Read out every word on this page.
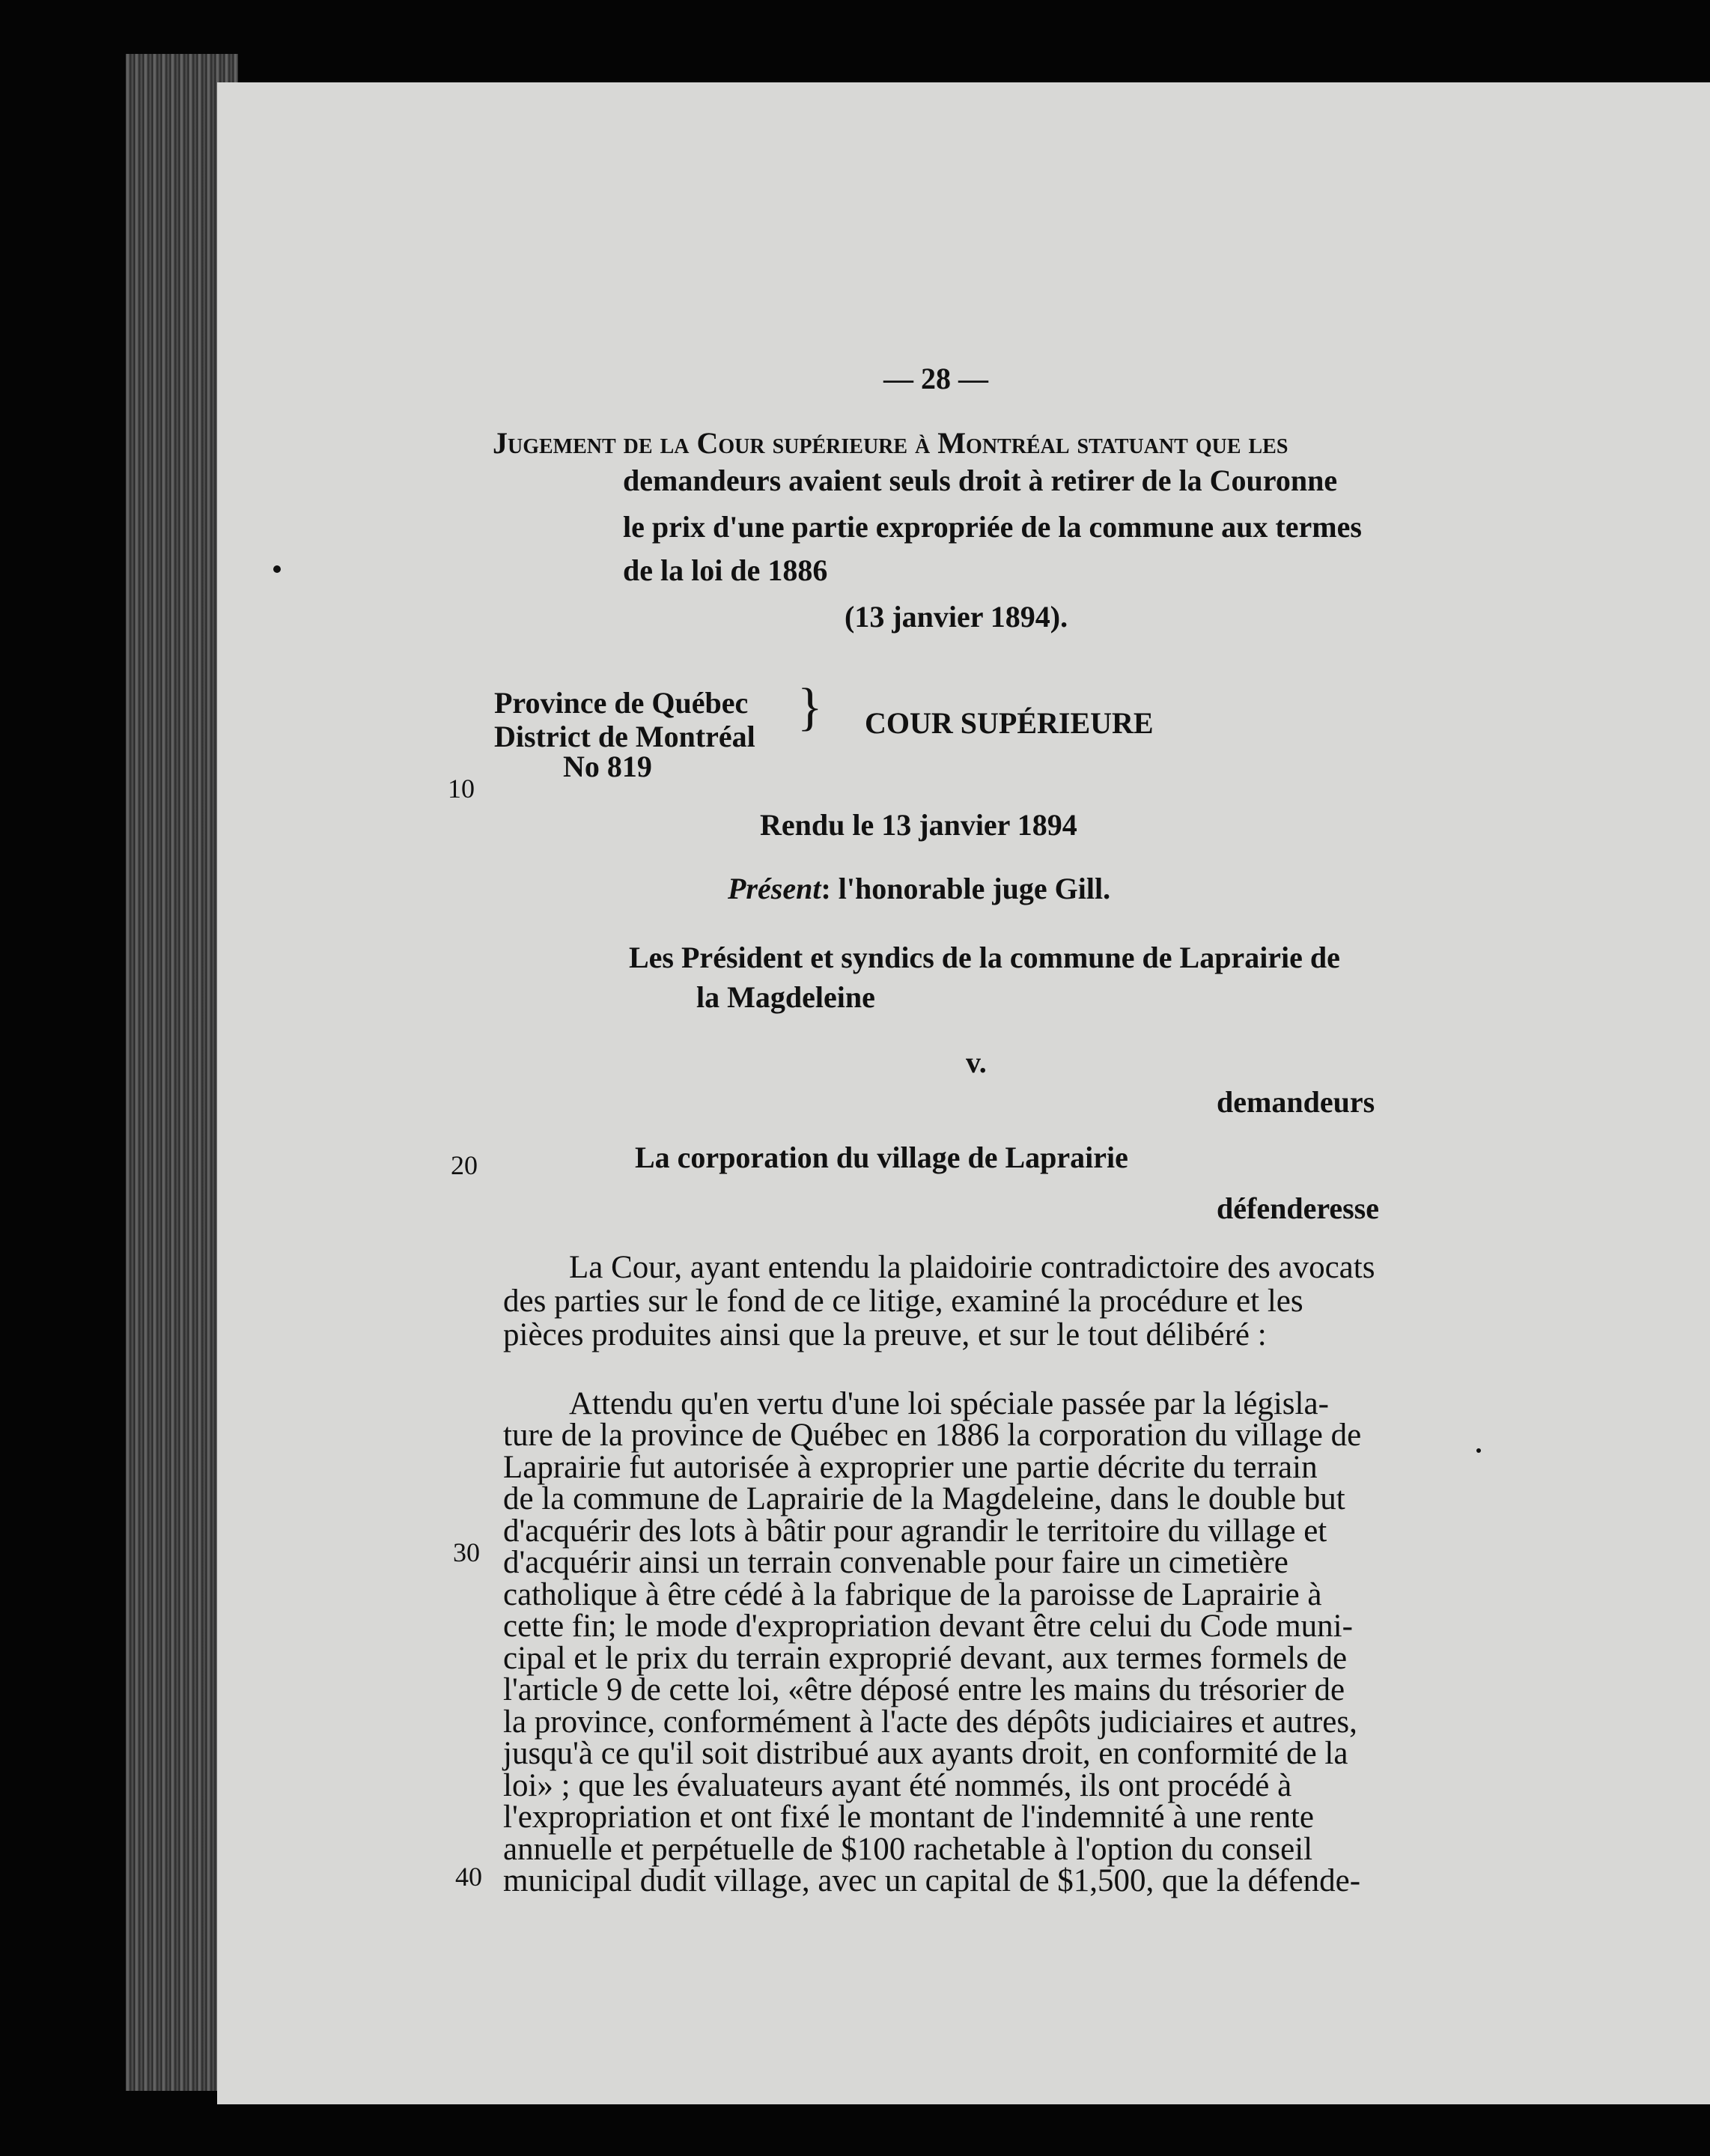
— 28 —
Jugement de la Cour supérieure à Montréal statuant que les
demandeurs avaient seuls droit à retirer de la Couronne
le prix d'une partie expropriée de la commune aux termes
de la loi de 1886
(13 janvier 1894).
Province de Québec
District de Montréal
No 819
} COUR SUPÉRIEURE
10
Rendu le 13 janvier 1894
Présent: l'honorable juge Gill.
Les Président et syndics de la commune de Laprairie de
la Magdeleine
v.
demandeurs
20	La corporation du village de Laprairie
défenderesse
La Cour, ayant entendu la plaidoirie contradictoire des avocats
des parties sur le fond de ce litige, examiné la procédure et les
pièces produites ainsi que la preuve, et sur le tout délibéré :
Attendu qu'en vertu d'une loi spéciale passée par la législa-
ture de la province de Québec en 1886 la corporation du village de
Laprairie fut autorisée à exproprier une partie décrite du terrain
de la commune de Laprairie de la Magdeleine, dans le double but
d'acquérir des lots à bâtir pour agrandir le territoire du village et
30 d'acquérir ainsi un terrain convenable pour faire un cimetière
catholique à être cédé à la fabrique de la paroisse de Laprairie à
cette fin; le mode d'expropriation devant être celui du Code muni-
cipal et le prix du terrain exproprié devant, aux termes formels de
l'article 9 de cette loi, «être déposé entre les mains du trésorier de
la province, conformément à l'acte des dépôts judiciaires et autres,
jusqu'à ce qu'il soit distribué aux ayants droit, en conformité de la
loi» ; que les évaluateurs ayant été nommés, ils ont procédé à
l'expropriation et ont fixé le montant de l'indemnité à une rente
annuelle et perpétuelle de $100 rachetable à l'option du conseil
40 municipal dudit village, avec un capital de $1,500, que la défende-
